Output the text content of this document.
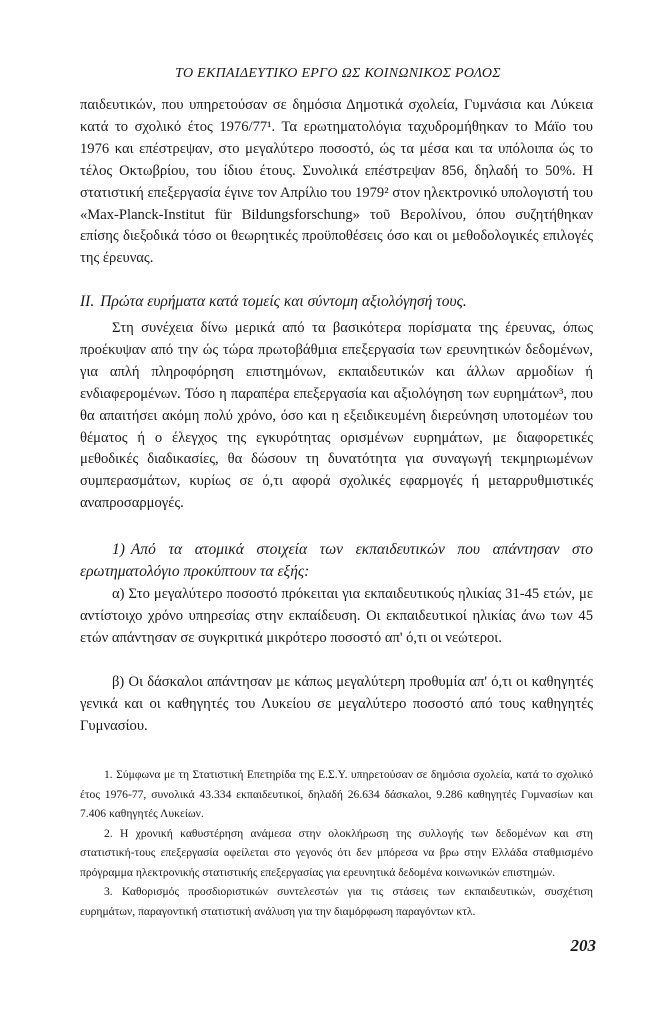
ΤΟ ΕΚΠΑΙΔΕΥΤΙΚΟ ΕΡΓΟ ΩΣ ΚΟΙΝΩΝΙΚΟΣ ΡΟΛΟΣ

παιδευτικών, που υπηρετούσαν σε δημόσια Δημοτικά σχολεία, Γυμνάσια και Λύκεια κατά το σχολικό έτος 1976/77¹. Τα ερωτηματολόγια ταχυδρομήθηκαν το Μάϊο του 1976 και επέστρεψαν, στο μεγαλύτερο ποσοστό, ώς τα μέσα και τα υπόλοιπα ώς το τέλος Οκτωβρίου, του ίδιου έτους. Συνολικά επέστρεψαν 856, δηλαδή το 50%. Η στατιστική επεξεργασία έγινε τον Απρίλιο του 1979² στον ηλεκτρονικό υπολογιστή του «Max-Planck-Institut für Bildungsforschung» τοῦ Βερολίνου, όπου συζητήθηκαν επίσης διεξοδικά τόσο οι θεωρητικές προϋποθέσεις όσο και οι μεθοδολογικές επιλογές της έρευνας.

II. Πρώτα ευρήματα κατά τομείς και σύντομη αξιολόγησή τους.

Στη συνέχεια δίνω μερικά από τα βασικότερα πορίσματα της έρευνας, όπως προέκυψαν από την ώς τώρα πρωτοβάθμια επεξεργασία των ερευνητικών δεδομένων, για απλή πληροφόρηση επιστημόνων, εκπαιδευτικών και άλλων αρμοδίων ή ενδιαφερομένων. Τόσο η παραπέρα επεξεργασία και αξιολόγηση των ευρημάτων³, που θα απαιτήσει ακόμη πολύ χρόνο, όσο και η εξειδικευμένη διερεύνηση υποτομέων του θέματος ή ο έλεγχος της εγκυρότητας ορισμένων ευρημάτων, με διαφορετικές μεθοδικές διαδικασίες, θα δώσουν τη δυνατότητα για συναγωγή τεκμηριωμένων συμπερασμάτων, κυρίως σε ό,τι αφορά σχολικές εφαρμογές ή μεταρρυθμιστικές αναπροσαρμογές.

1) Από τα ατομικά στοιχεία των εκπαιδευτικών που απάντησαν στο ερωτηματολόγιο προκύπτουν τα εξής:

α) Στο μεγαλύτερο ποσοστό πρόκειται για εκπαιδευτικούς ηλικίας 31-45 ετών, με αντίστοιχο χρόνο υπηρεσίας στην εκπαίδευση. Οι εκπαιδευτικοί ηλικίας άνω των 45 ετών απάντησαν σε συγκριτικά μικρότερο ποσοστό απ' ό,τι οι νεώτεροι.

β) Οι δάσκαλοι απάντησαν με κάπως μεγαλύτερη προθυμία απ' ό,τι οι καθηγητές γενικά και οι καθηγητές του Λυκείου σε μεγαλύτερο ποσοστό από τους καθηγητές Γυμνασίου.

1. Σύμφωνα με τη Στατιστική Επετηρίδα της Ε.Σ.Υ. υπηρετούσαν σε δημόσια σχολεία, κατά το σχολικό έτος 1976-77, συνολικά 43.334 εκπαιδευτικοί, δηλαδή 26.634 δάσκαλοι, 9.286 καθηγητές Γυμνασίων και 7.406 καθηγητές Λυκείων.

2. Η χρονική καθυστέρηση ανάμεσα στην ολοκλήρωση της συλλογής των δεδομένων και στη στατιστική-τους επεξεργασία οφείλεται στο γεγονός ότι δεν μπόρεσα να βρω στην Ελλάδα σταθμισμένο πρόγραμμα ηλεκτρονικής στατιστικής επεξεργασίας για ερευνητικά δεδομένα κοινωνικών επιστημών.

3. Καθορισμός προσδιοριστικών συντελεστών για τις στάσεις των εκπαιδευτικών, συσχέτιση ευρημάτων, παραγοντική στατιστική ανάλυση για την διαμόρφωση παραγόντων κτλ.

203
